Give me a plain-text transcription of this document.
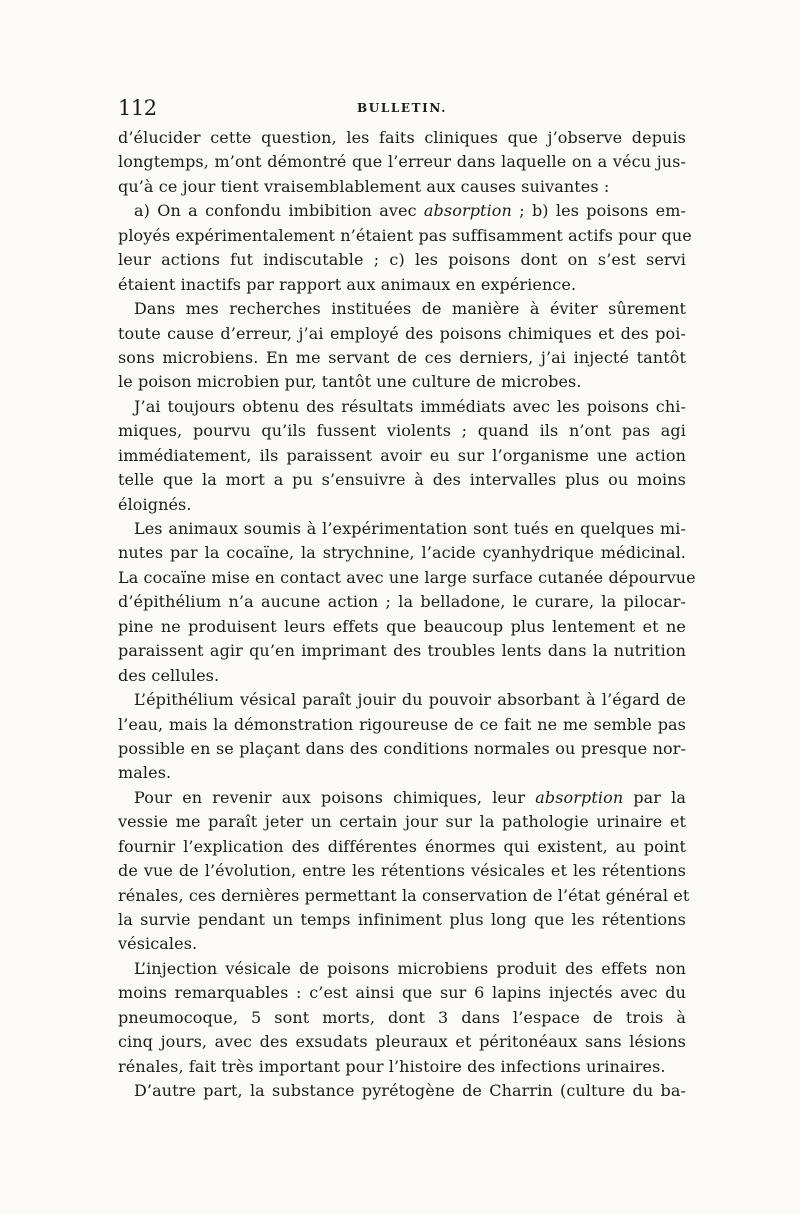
112	BULLETIN.
d’élucider cette question, les faits cliniques que j’observe depuis
longtemps, m’ont démontré que l’erreur dans laquelle on a vécu jus-
qu’à ce jour tient vraisemblablement aux causes suivantes :
a) On a confondu imbibition avec absorption ; b) les poisons em-
ployés expérimentalement n’étaient pas suffisamment actifs pour que
leur actions fut indiscutable ; c) les poisons dont on s’est servi
étaient inactifs par rapport aux animaux en expérience.
Dans mes recherches instituées de manière à éviter sûrement
toute cause d’erreur, j’ai employé des poisons chimiques et des poi-
sons microbiens. En me servant de ces derniers, j’ai injecté tantôt
le poison microbien pur, tantôt une culture de microbes.
J’ai toujours obtenu des résultats immédiats avec les poisons chi-
miques, pourvu qu’ils fussent violents ; quand ils n’ont pas agi
immédiatement, ils paraissent avoir eu sur l’organisme une action
telle que la mort a pu s’ensuivre à des intervalles plus ou moins
éloignés.
Les animaux soumis à l’expérimentation sont tués en quelques mi-
nutes par la cocaïne, la strychnine, l’acide cyanhydrique médicinal.
La cocaïne mise en contact avec une large surface cutanée dépourvue
d’épithélium n’a aucune action ; la belladone, le curare, la pilocar-
pine ne produisent leurs effets que beaucoup plus lentement et ne
paraissent agir qu’en imprimant des troubles lents dans la nutrition
des cellules.
L’épithélium vésical paraît jouir du pouvoir absorbant à l’égard de
l’eau, mais la démonstration rigoureuse de ce fait ne me semble pas
possible en se plaçant dans des conditions normales ou presque nor-
males.
Pour en revenir aux poisons chimiques, leur absorption par la
vessie me paraît jeter un certain jour sur la pathologie urinaire et
fournir l’explication des différentes énormes qui existent, au point
de vue de l’évolution, entre les rétentions vésicales et les rétentions
rénales, ces dernières permettant la conservation de l’état général et
la survie pendant un temps infiniment plus long que les rétentions
vésicales.
L’injection vésicale de poisons microbiens produit des effets non
moins remarquables : c’est ainsi que sur 6 lapins injectés avec du
pneumocoque, 5 sont morts, dont 3 dans l’espace de trois à
cinq jours, avec des exsudats pleuraux et péritonéaux sans lésions
rénales, fait très important pour l’histoire des infections urinaires.
D’autre part, la substance pyrétogène de Charrin (culture du ba-
